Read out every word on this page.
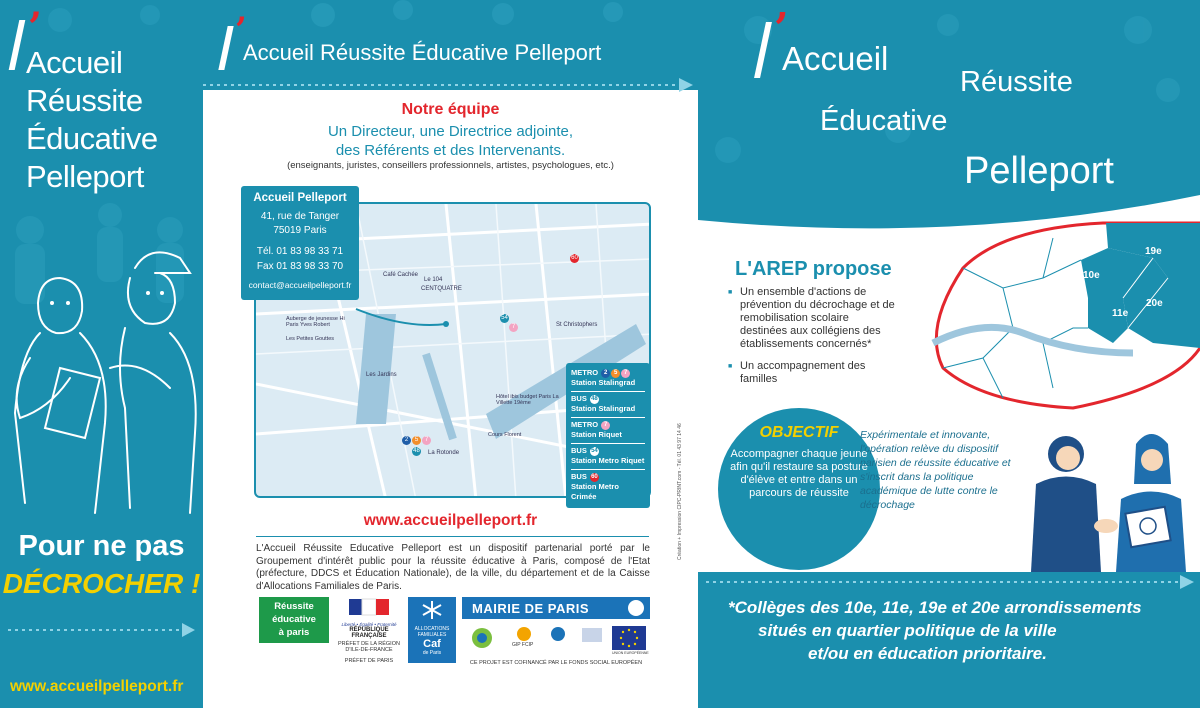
’
Accueil
Réussite
Éducative
Pelleport
Pour ne pas
DÉCROCHER !
www.accueilpelleport.fr
’
Accueil Réussite Éducative Pelleport
Notre équipe
Un Directeur, une Directrice adjointe,
des Référents et des Intervenants.
(enseignants, juristes, conseillers professionnels, artistes, psychologues, etc.)
Café Cachée
Le 104
CENTQUATRE
St Christophers
Auberge de jeunesse Hi Paris Yves Robert
Les Petites Gouttes
Les Jardins
Hôtel ibis budget Paris La Villette 19ème
Cours Florent
La Rotonde
60
54
7
2	5	7
48
Accueil Pelleport
41, rue de Tanger
75019 Paris
Tél. 01 83 98 33 71
Fax 01 83 98 33 70
contact@accueilpelleport.fr
METRO 2 5 7
Station Stalingrad
BUS 48
Station Stalingrad
METRO 7
Station Riquet
BUS 54
Station Metro Riquet
BUS 60
Station Metro Crimée
www.accueilpelleport.fr
L'Accueil Réussite Educative Pelleport est un dispositif partenarial porté par le Groupement d'intérêt public pour la réussite éducative à Paris, composé de l'Etat (préfecture, DDCS et Éducation Nationale), de la ville, du département et de la Caisse d'Allocations Familiales de Paris.
Réussite
éducative
à paris
Liberté • Égalité • Fraternité
RÉPUBLIQUE FRANÇAISE
PRÉFET DE LA RÉGION
D'ILE-DE-FRANCE
PRÉFET DE PARIS
ALLOCATIONS
FAMILIALES
Caf
de Paris
MAIRIE DE PARIS
GIP FCIP
UNION EUROPÉENNE
CE PROJET EST COFINANCÉ PAR LE FONDS SOCIAL EUROPÉEN
Création + Impression CIPC-PRINT.com - Tél. 01 43 97 14 46
’
Accueil
Réussite
Éducative
Pelleport
19e
10e
20e
11e
L'AREP propose
■ Un ensemble d'actions de prévention du décrochage et de remobilisation scolaire destinées aux collégiens des établissements concernés*
■ Un accompagnement des familles
OBJECTIF
Accompagner chaque jeune afin qu'il restaure sa posture d'élève et entre dans un parcours de réussite
Expérimentale et innovante, l'opération relève du dispositif parisien de réussite éducative et s'inscrit dans la politique académique de lutte contre le décrochage
*Collèges des 10e, 11e, 19e et 20e arrondissements
situés en quartier politique de la ville
et/ou en éducation prioritaire.
